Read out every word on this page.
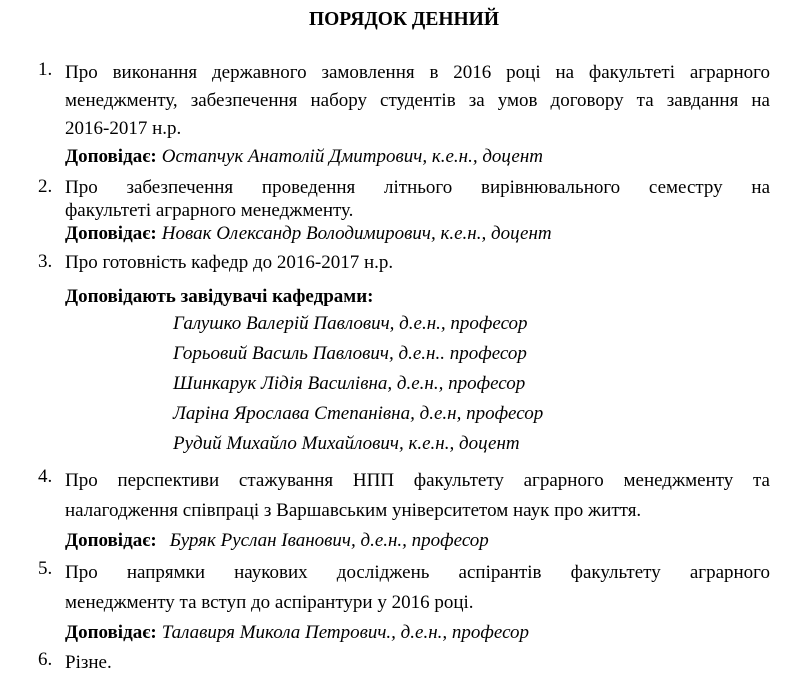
ПОРЯДОК ДЕННИЙ
1. Про виконання державного замовлення в 2016 році на факультеті аграрного
менеджменту, забезпечення набору студентів за умов договору та завдання на
2016-2017 н.р.
Доповідає: Остапчук Анатолій Дмитрович, к.е.н., доцент
2. Про забезпечення проведення літнього вирівнювального семестру на
факультеті аграрного менеджменту.
Доповідає: Новак Олександр Володимирович, к.е.н., доцент
3. Про готовність кафедр до 2016-2017 н.р.
Доповідають завідувачі кафедрами:
Галушко Валерій Павлович, д.е.н., професор
Горьовий Василь Павлович, д.е.н.. професор
Шинкарук Лідія Василівна, д.е.н., професор
Ларіна Ярослава Степанівна, д.е.н, професор
Рудий Михайло Михайлович, к.е.н., доцент
4. Про перспективи стажування НПП факультету аграрного менеджменту та
налагодження співпраці з Варшавським університетом наук про життя.
Доповідає: Буряк Руслан Іванович, д.е.н., професор
5. Про напрямки наукових досліджень аспірантів факультету аграрного
менеджменту та вступ до аспірантури у 2016 році.
Доповідає: Талавиря Микола Петрович., д.е.н., професор
6. Різне.
